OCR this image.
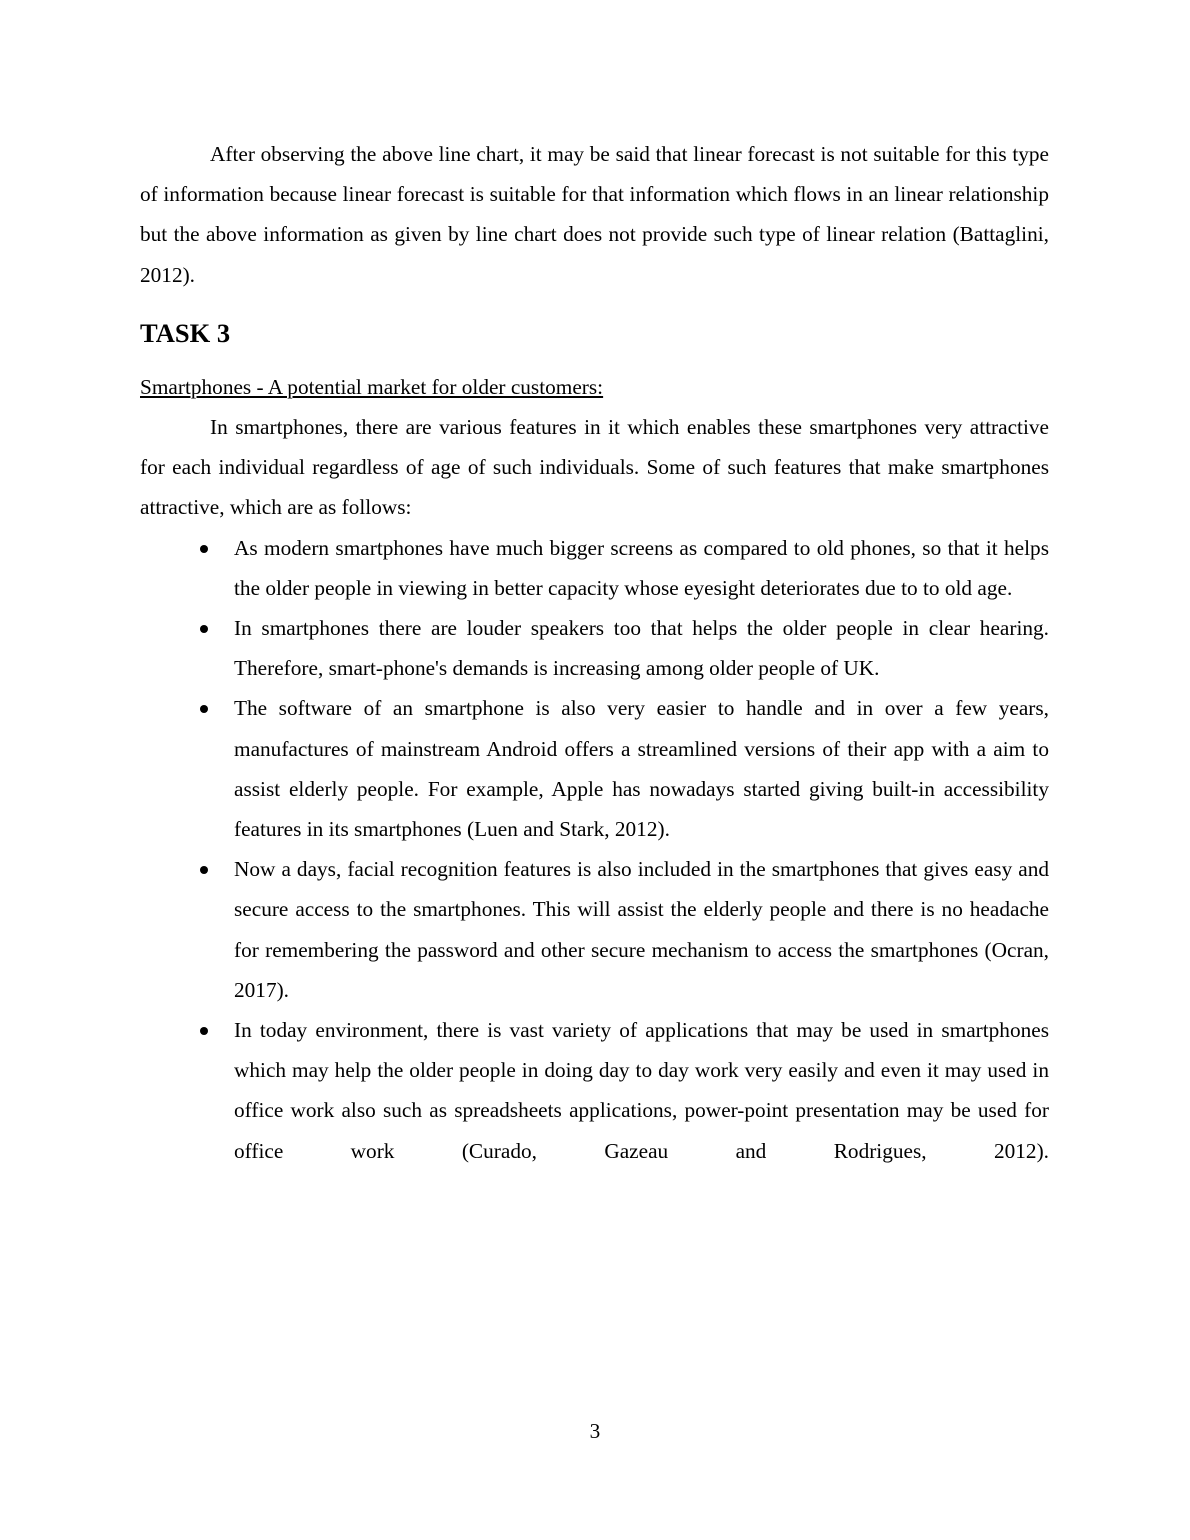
After observing the above line chart, it may be said that linear forecast is not suitable for this type of information because linear forecast is suitable for that information which flows in an linear relationship but the above information as given by line chart does not provide such type of linear relation (Battaglini, 2012).

TASK 3

Smartphones - A potential market for older customers:

In smartphones, there are various features in it which enables these smartphones very attractive for each individual regardless of age of such individuals. Some of such features that make smartphones attractive, which are as follows:

As modern smartphones have much bigger screens as compared to old phones, so that it helps the older people in viewing in better capacity whose eyesight deteriorates due to to old age.
In smartphones there are louder speakers too that helps the older people in clear hearing. Therefore, smart-phone's demands is increasing among older people of UK.
The software of an smartphone is also very easier to handle and in over a few years, manufactures of mainstream Android offers a streamlined versions of their app with a aim to assist elderly people. For example, Apple has nowadays started giving built-in accessibility features in its smartphones (Luen and Stark, 2012).
Now a days, facial recognition features is also included in the smartphones that gives easy and secure access to the smartphones. This will assist the elderly people and there is no headache for remembering the password and other secure mechanism to access the smartphones (Ocran, 2017).
In today environment, there is vast variety of applications that may be used in smartphones which may help the older people in doing day to day work very easily and even it may used in office work also such as spreadsheets applications, power-point presentation may be used for office work (Curado, Gazeau and Rodrigues, 2012).
3
